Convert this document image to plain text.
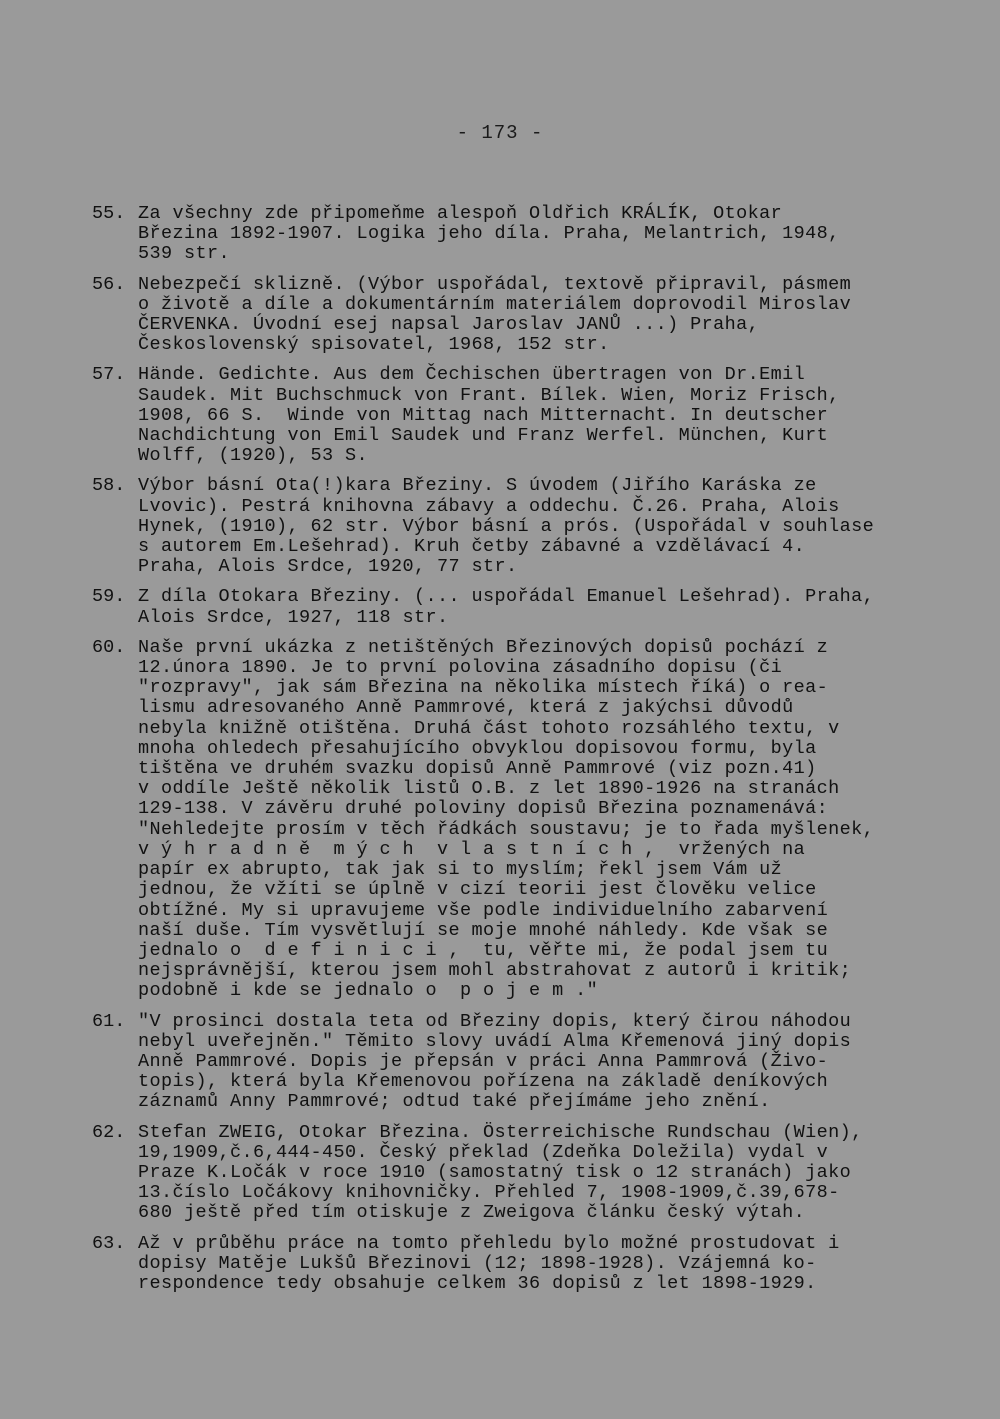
- 173 -
55. Za všechny zde připomeňme alespoň Oldřich KRÁLÍK, Otokar
Březina 1892-1907. Logika jeho díla. Praha, Melantrich, 1948,
539 str.
56. Nebezpečí sklizně. (Výbor uspořádal, textově připravil, pásmem
o životě a díle a dokumentárním materiálem doprovodil Miroslav
ČERVENKA. Úvodní esej napsal Jaroslav JANŮ ...) Praha,
Československý spisovatel, 1968, 152 str.
57. Hände. Gedichte. Aus dem Čechischen übertragen von Dr.Emil
Saudek. Mit Buchschmuck von Frant. Bílek. Wien, Moriz Frisch,
1908, 66 S.  Winde von Mittag nach Mitternacht. In deutscher
Nachdichtung von Emil Saudek und Franz Werfel. München, Kurt
Wolff, (1920), 53 S.
58. Výbor básní Ota(!)kara Březiny. S úvodem (Jiřího Karáska ze
Lvovic). Pestrá knihovna zábavy a oddechu. Č.26. Praha, Alois
Hynek, (1910), 62 str. Výbor básní a prós. (Uspořádal v souhlase
s autorem Em.Lešehrad). Kruh četby zábavné a vzdělávací 4.
Praha, Alois Srdce, 1920, 77 str.
59. Z díla Otokara Březiny. (... uspořádal Emanuel Lešehrad). Praha,
Alois Srdce, 1927, 118 str.
60. Naše první ukázka z netištěných Březinových dopisů pochází z
12.února 1890. Je to první polovina zásadního dopisu (či
"rozpravy", jak sám Březina na několika místech říká) o rea-
lismu adresovaného Anně Pammrové, která z jakýchsi důvodů
nebyla knižně otištěna. Druhá část tohoto rozsáhlého textu, v
mnoha ohledech přesahujícího obvyklou dopisovou formu, byla
tištěna ve druhém svazku dopisů Anně Pammrové (viz pozn.41)
v oddíle Ještě několik listů O.B. z let 1890-1926 na stranách
129-138. V závěru druhé poloviny dopisů Březina poznamenává:
"Nehledejte prosím v těch řádkách soustavu; je to řada myšlenek,
v ý h r a d n ě  m ý c h  v l a s t n í c h ,  vržených na
papír ex abrupto, tak jak si to myslím; řekl jsem Vám už
jednou, že vžíti se úplně v cizí teorii jest člověku velice
obtížné. My si upravujeme vše podle individuelního zabarvení
naší duše. Tím vysvětlují se moje mnohé náhledy. Kde však se
jednalo o  d e f i n i c i ,  tu, věřte mi, že podal jsem tu
nejsprávnější, kterou jsem mohl abstrahovat z autorů i kritik;
podobně i kde se jednalo o  p o j e m ."
61. "V prosinci dostala teta od Březiny dopis, který čirou náhodou
nebyl uveřejněn." Těmito slovy uvádí Alma Křemenová jiný dopis
Anně Pammrové. Dopis je přepsán v práci Anna Pammrová (Živo-
topis), která byla Křemenovou pořízena na základě deníkových
záznamů Anny Pammrové; odtud také přejímáme jeho znění.
62. Stefan ZWEIG, Otokar Březina. Österreichische Rundschau (Wien),
19,1909,č.6,444-450. Český překlad (Zdeňka Doležila) vydal v
Praze K.Ločák v roce 1910 (samostatný tisk o 12 stranách) jako
13.číslo Ločákovy knihovničky. Přehled 7, 1908-1909,č.39,678-
680 ještě před tím otiskuje z Zweigova článku český výtah.
63. Až v průběhu práce na tomto přehledu bylo možné prostudovat i
dopisy Matěje Lukšů Březinovi (12; 1898-1928). Vzájemná ko-
respondence tedy obsahuje celkem 36 dopisů z let 1898-1929.
